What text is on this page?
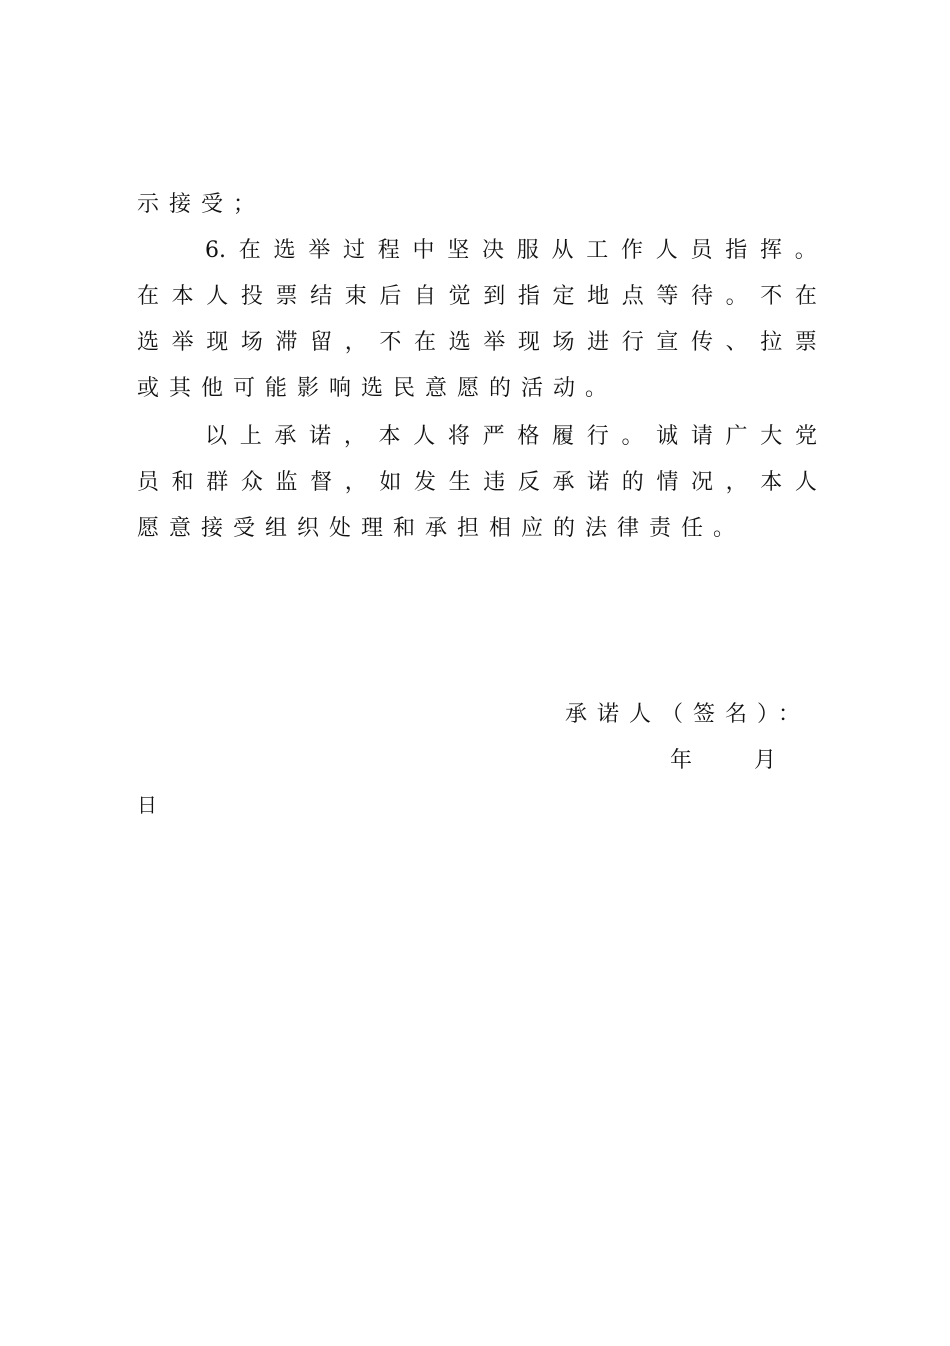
示接受；
6. 在 选 举 过 程 中 坚 决 服 从 工 作 人 员 指 挥 。
在 本 人 投 票 结 束 后 自 觉 到 指 定 地 点 等 待 。 不 在
选 举 现 场 滞 留 ， 不 在 选 举 现 场 进 行 宣 传 、 拉 票
或其他可能影响选民意愿的活动。
以 上 承 诺 ， 本 人 将 严 格 履 行 。 诚 请 广 大 党
员 和 群 众 监 督 ， 如 发 生 违 反 承 诺 的 情 况 ， 本 人
愿意接受组织处理和承担相应的法律责任。
承诺人（签名）：
年	月
日
